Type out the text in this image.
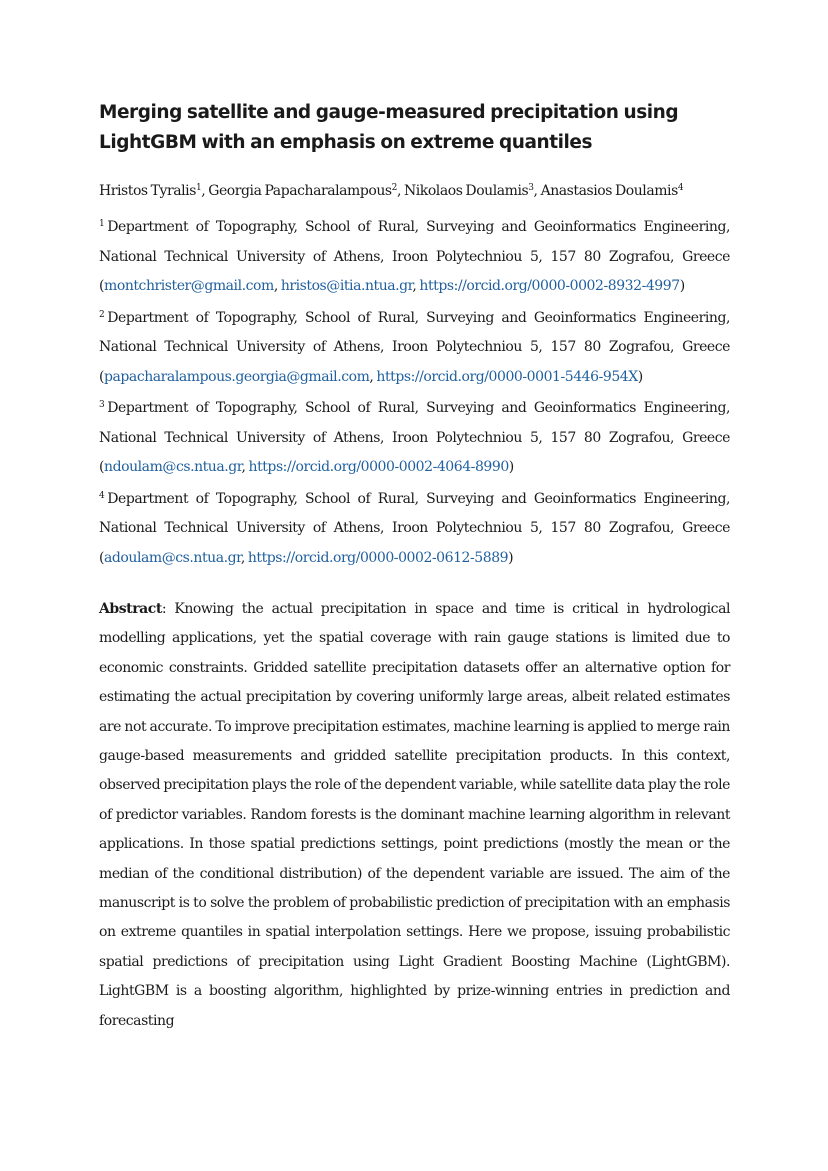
Merging satellite and gauge-measured precipitation using LightGBM with an emphasis on extreme quantiles

Hristos Tyralis$^1$, Georgia Papacharalampous$^2$, Nikolaos Doulamis$^3$, Anastasios Doulamis$^4$

$^1$ Department of Topography, School of Rural, Surveying and Geoinformatics Engineering, National Technical University of Athens, Iroon Polytechniou 5, 157 80 Zografou, Greece (montchrister@gmail.com, hristos@itia.ntua.gr, https://orcid.org/0000-0002-8932-4997)

$^2$ Department of Topography, School of Rural, Surveying and Geoinformatics Engineering, National Technical University of Athens, Iroon Polytechniou 5, 157 80 Zografou, Greece (papacharalampous.georgia@gmail.com, https://orcid.org/0000-0001-5446-954X)

$^3$ Department of Topography, School of Rural, Surveying and Geoinformatics Engineering, National Technical University of Athens, Iroon Polytechniou 5, 157 80 Zografou, Greece (ndoulam@cs.ntua.gr, https://orcid.org/0000-0002-4064-8990)

$^4$ Department of Topography, School of Rural, Surveying and Geoinformatics Engineering, National Technical University of Athens, Iroon Polytechniou 5, 157 80 Zografou, Greece (adoulam@cs.ntua.gr, https://orcid.org/0000-0002-0612-5889)

Abstract: Knowing the actual precipitation in space and time is critical in hydrological modelling applications, yet the spatial coverage with rain gauge stations is limited due to economic constraints. Gridded satellite precipitation datasets offer an alternative option for estimating the actual precipitation by covering uniformly large areas, albeit related estimates are not accurate. To improve precipitation estimates, machine learning is applied to merge rain gauge-based measurements and gridded satellite precipitation products. In this context, observed precipitation plays the role of the dependent variable, while satellite data play the role of predictor variables. Random forests is the dominant machine learning algorithm in relevant applications. In those spatial predictions settings, point predictions (mostly the mean or the median of the conditional distribution) of the dependent variable are issued. The aim of the manuscript is to solve the problem of probabilistic prediction of precipitation with an emphasis on extreme quantiles in spatial interpolation settings. Here we propose, issuing probabilistic spatial predictions of precipitation using Light Gradient Boosting Machine (LightGBM). LightGBM is a boosting algorithm, highlighted by prize-winning entries in prediction and forecasting
